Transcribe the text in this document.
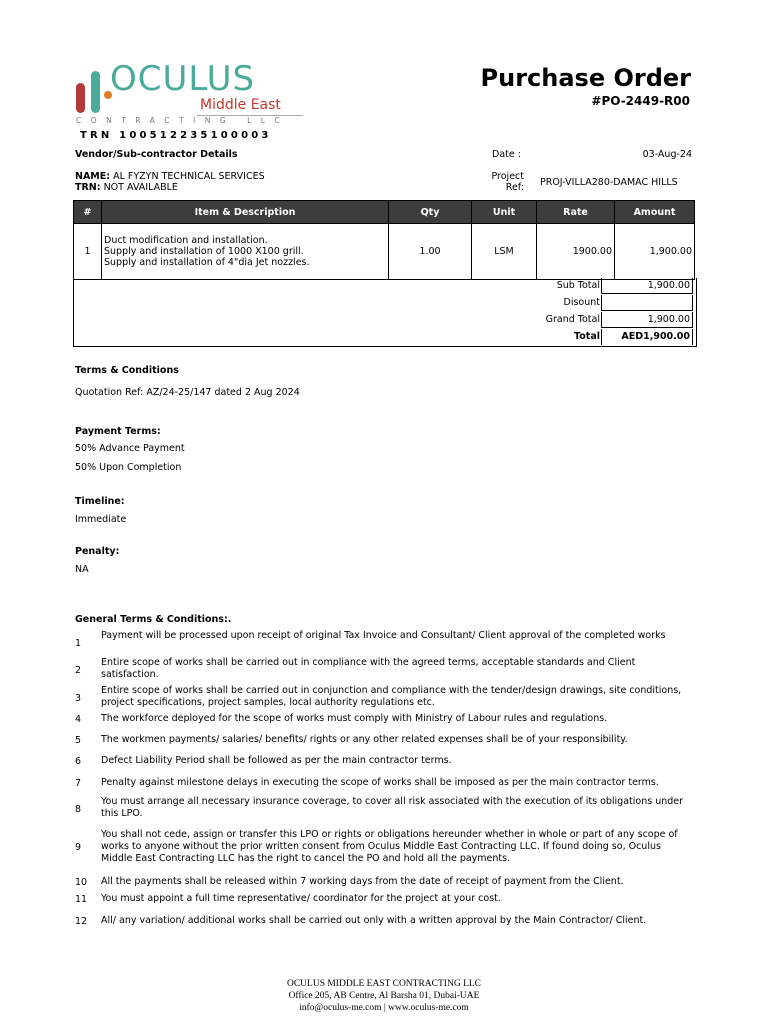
OCULUS
Middle East
CONTRACTING LLC
TRN 100512235100003
Purchase Order
#PO-2449-R00
Vendor/Sub-contractor Details
NAME: AL FYZYN TECHNICAL SERVICES
TRN: NOT AVAILABLE
Date :	03-Aug-24
Project
Ref: PROJ-VILLA280-DAMAC HILLS
#	Item & Description	Qty	Unit	Rate	Amount
1	Duct modification and installation.
Supply and installation of 1000 X100 grill.
Supply and installation of 4"dia Jet nozzles.	1.00	LSM	1900.00	1,900.00
Sub Total	1,900.00
Disount
Grand Total	1,900.00
Total	AED1,900.00
Terms & Conditions
Quotation Ref: AZ/24-25/147 dated 2 Aug 2024
Payment Terms:
50% Advance Payment
50% Upon Completion
Timeline:
Immediate
Penalty:
NA
General Terms & Conditions:.
1
Payment will be processed upon receipt of original Tax Invoice and Consultant/ Client approval of the completed works
2
Entire scope of works shall be carried out in compliance with the agreed terms, acceptable standards and Client satisfaction.
3
Entire scope of works shall be carried out in conjunction and compliance with the tender/design drawings, site conditions, project specifications, project samples, local authority regulations etc.
4	The workforce deployed for the scope of works must comply with Ministry of Labour rules and regulations.
5	The workmen payments/ salaries/ benefits/ rights or any other related expenses shall be of your responsibility.
6	Defect Liability Period shall be followed as per the main contractor terms.
7	Penalty against milestone delays in executing the scope of works shall be imposed as per the main contractor terms.
8
You must arrange all necessary insurance coverage, to cover all risk associated with the execution of its obligations under this LPO.
9
You shall not cede, assign or transfer this LPO or rights or obligations hereunder whether in whole or part of any scope of works to anyone without the prior written consent from Oculus Middle East Contracting LLC. If found doing so, Oculus Middle East Contracting LLC has the right to cancel the PO and hold all the payments.
10	All the payments shall be released within 7 working days from the date of receipt of payment from the Client.
11	You must appoint a full time representative/ coordinator for the project at your cost.
12	All/ any variation/ additional works shall be carried out only with a written approval by the Main Contractor/ Client.
OCULUS MIDDLE EAST CONTRACTING LLC
Office 205, AB Centre, Al Barsha 01, Dubai-UAE
info@oculus-me.com | www.oculus-me.com
